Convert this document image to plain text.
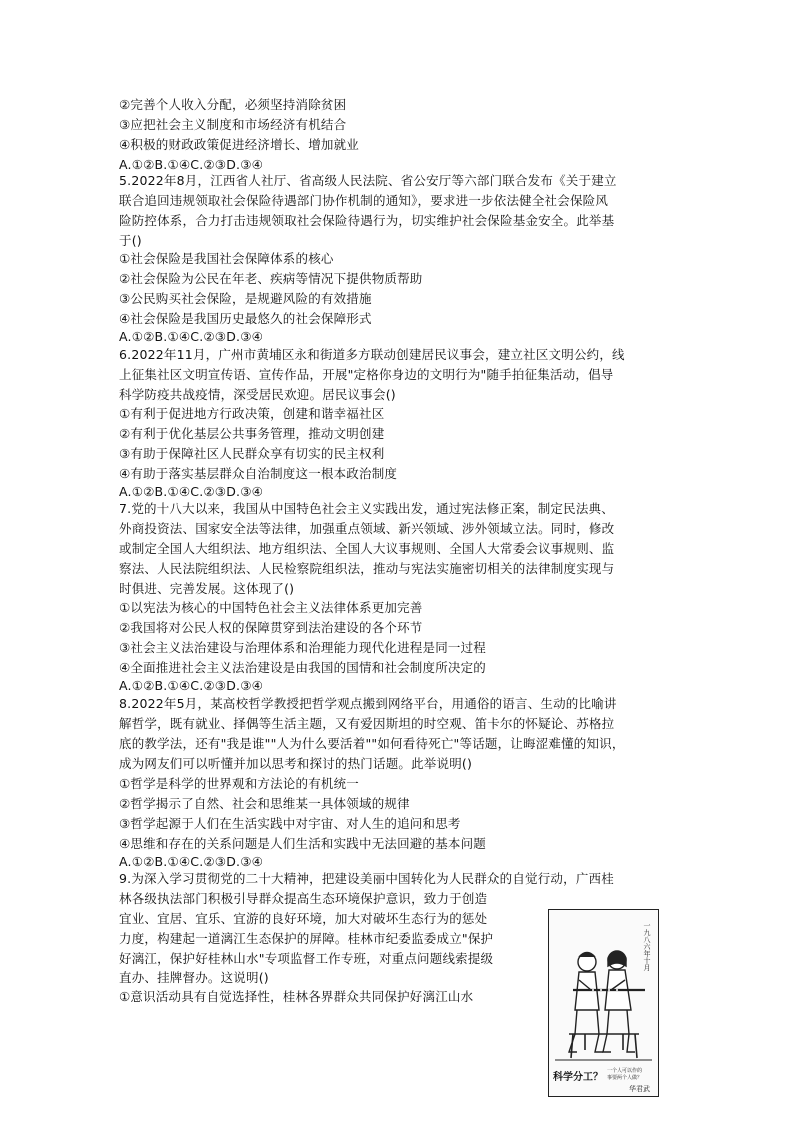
②完善个人收入分配，必须坚持消除贫困
③应把社会主义制度和市场经济有机结合
④积极的财政政策促进经济增长、增加就业
A.①②B.①④C.②③D.③④
5.2022年8月，江西省人社厅、省高级人民法院、省公安厅等六部门联合发布《关于建立
联合追回违规领取社会保险待遇部门协作机制的通知》，要求进一步依法健全社会保险风
险防控体系，合力打击违规领取社会保险待遇行为，切实维护社会保险基金安全。此举基
于()
①社会保险是我国社会保障体系的核心
②社会保险为公民在年老、疾病等情况下提供物质帮助
③公民购买社会保险，是规避风险的有效措施
④社会保险是我国历史最悠久的社会保障形式
A.①②B.①④C.②③D.③④
6.2022年11月，广州市黄埔区永和街道多方联动创建居民议事会，建立社区文明公约，线
上征集社区文明宣传语、宣传作品，开展"定格你身边的文明行为"随手拍征集活动，倡导
科学防疫共战疫情，深受居民欢迎。居民议事会()
①有利于促进地方行政决策，创建和谐幸福社区
②有利于优化基层公共事务管理，推动文明创建
③有助于保障社区人民群众享有切实的民主权利
④有助于落实基层群众自治制度这一根本政治制度
A.①②B.①④C.②③D.③④
7.党的十八大以来，我国从中国特色社会主义实践出发，通过宪法修正案，制定民法典、
外商投资法、国家安全法等法律，加强重点领域、新兴领域、涉外领域立法。同时，修改
或制定全国人大组织法、地方组织法、全国人大议事规则、全国人大常委会议事规则、监
察法、人民法院组织法、人民检察院组织法，推动与宪法实施密切相关的法律制度实现与
时俱进、完善发展。这体现了()
①以宪法为核心的中国特色社会主义法律体系更加完善
②我国将对公民人权的保障贯穿到法治建设的各个环节
③社会主义法治建设与治理体系和治理能力现代化进程是同一过程
④全面推进社会主义法治建设是由我国的国情和社会制度所决定的
A.①②B.①④C.②③D.③④
8.2022年5月，某高校哲学教授把哲学观点搬到网络平台，用通俗的语言、生动的比喻讲
解哲学，既有就业、择偶等生活主题，又有爱因斯坦的时空观、笛卡尔的怀疑论、苏格拉
底的教学法，还有"我是谁""人为什么要活着""如何看待死亡"等话题，让晦涩难懂的知识，
成为网友们可以听懂并加以思考和探讨的热门话题。此举说明()
①哲学是科学的世界观和方法论的有机统一
②哲学揭示了自然、社会和思维某一具体领域的规律
③哲学起源于人们在生活实践中对宇宙、对人生的追问和思考
④思维和存在的关系问题是人们生活和实践中无法回避的基本问题
A.①②B.①④C.②③D.③④
9.为深入学习贯彻党的二十大精神，把建设美丽中国转化为人民群众的自觉行动，广西桂
林各级执法部门积极引导群众提高生态环境保护意识，致力于创造
宜业、宜居、宜乐、宜游的良好环境，加大对破坏生态行为的惩处
力度，构建起一道漓江生态保护的屏障。桂林市纪委监委成立"保护
好漓江，保护好桂林山水"专项监督工作专班，对重点问题线索提级
直办、挂牌督办。这说明()
①意识活动具有自觉选择性，桂林各界群众共同保护好漓江山水
一九八六年十月
科学分工？
一个人可以作的事要两个人做？
华君武
